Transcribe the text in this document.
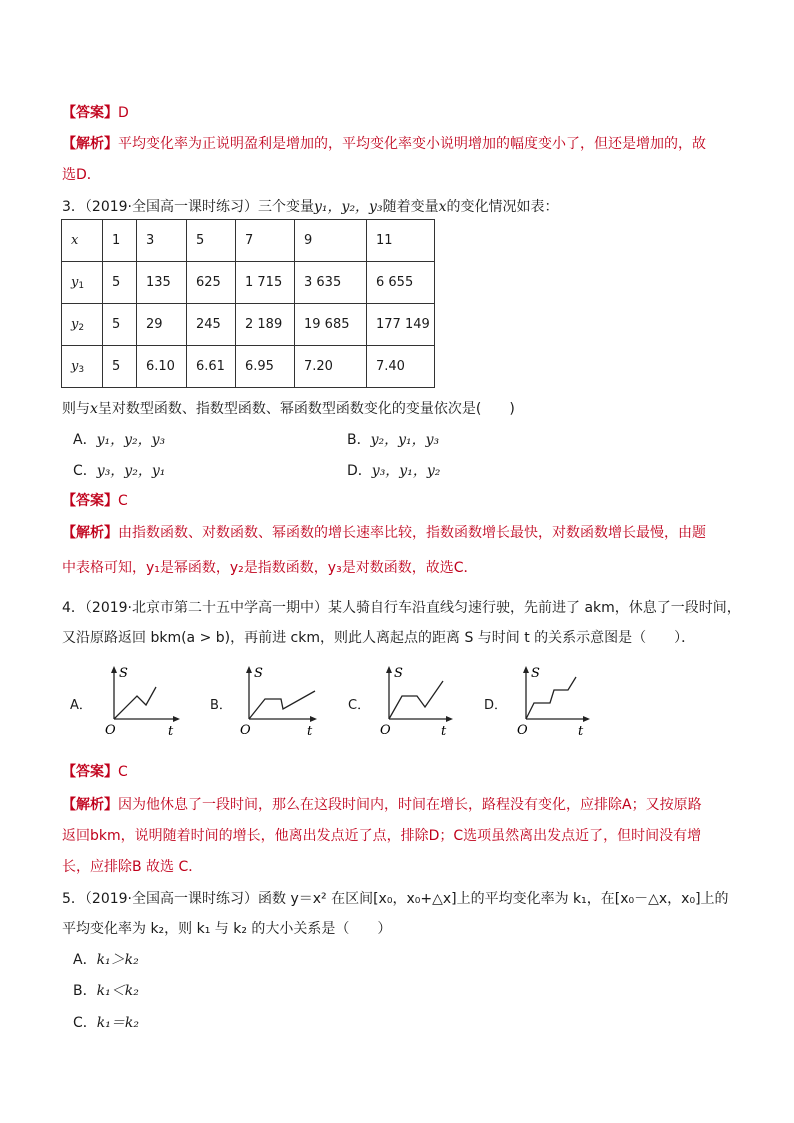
【答案】D
【解析】平均变化率为正说明盈利是增加的，平均变化率变小说明增加的幅度变小了，但还是增加的，故
选D．
3．（2019·全国高一课时练习）三个变量y₁，y₂，y₃随着变量x的变化情况如表：
x	1	3	5	7	9	11
$y_1$	5	135	625	1 715	3 635	6 655
$y_2$	5	29	245	2 189	19 685	177 149
$y_3$	5	6.10	6.61	6.95	7.20	7.40
则与x呈对数型函数、指数型函数、幂函数型函数变化的变量依次是(　　)
A．y₁，y₂，y₃	B．y₂，y₁，y₃
C．y₃，y₂，y₁	D．y₃，y₁，y₂
【答案】C
【解析】由指数函数、对数函数、幂函数的增长速率比较，指数函数增长最快，对数函数增长最慢，由题
中表格可知，y₁是幂函数，y₂是指数函数，y₃是对数函数，故选C．
4．（2019·北京市第二十五中学高一期中）某人骑自行车沿直线匀速行驶，先前进了 akm，休息了一段时间，
又沿原路返回 bkm(a > b)，再前进 ckm，则此人离起点的距离 S 与时间 t 的关系示意图是（　　）．
A．
S
O	t
B．
S
O	t
C．
S
O	t
D．
S
O	t
【答案】C
【解析】因为他休息了一段时间，那么在这段时间内，时间在增长，路程没有变化，应排除A；又按原路
返回bkm，说明随着时间的增长，他离出发点近了点，排除D；C选项虽然离出发点近了，但时间没有增
长，应排除B 故选 C．
5．（2019·全国高一课时练习）函数 y＝x² 在区间[x₀，x₀+△x]上的平均变化率为 k₁，在[x₀－△x，x₀]上的
平均变化率为 k₂，则 k₁ 与 k₂ 的大小关系是（　　）
A．k₁＞k₂
B．k₁＜k₂
C．k₁＝k₂
